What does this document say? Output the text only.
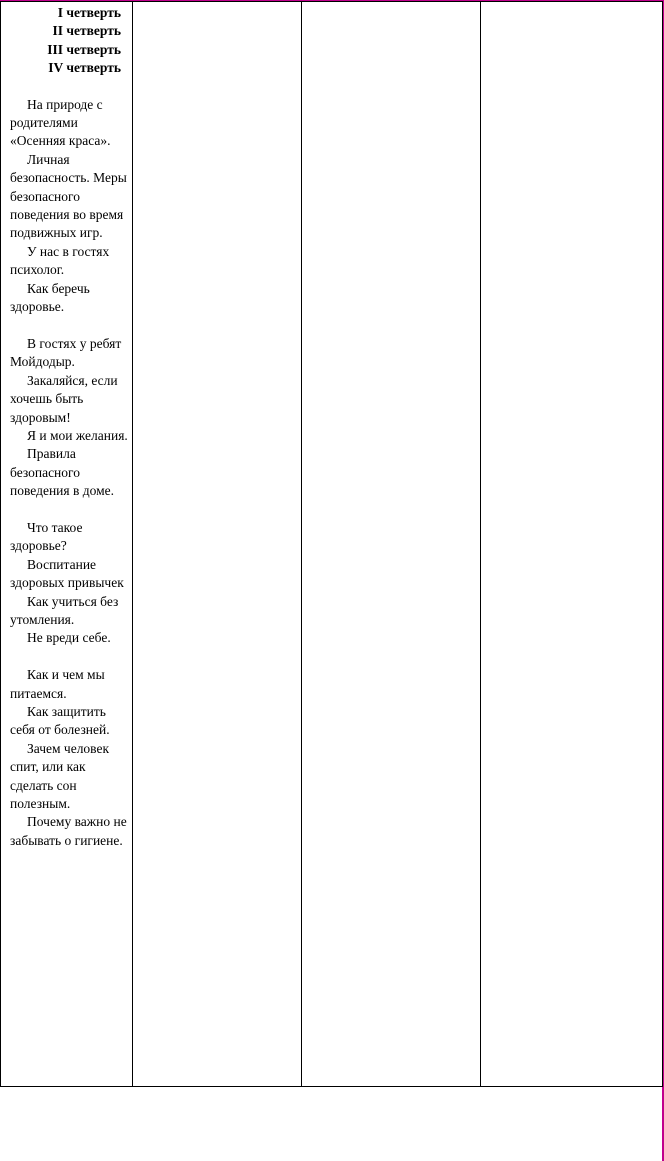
I четверть
II четверть
III четверть
IV четверть
На природе с родителями «Осенняя краса».
Личная безопасность. Меры безопасного поведения во время подвижных игр.
У нас в гостях психолог.
Как беречь здоровье.
В гостях у ребят Мойдодыр.
Закаляйся, если хочешь быть здоровым!
Я и мои желания.
Правила безопасного поведения в доме.
Что такое здоровье?
Воспитание здоровых привычек
Как учиться без утомления.
Не вреди себе.
Как и чем мы питаемся.
Как защитить себя от болезней.
Зачем человек спит, или как сделать сон полезным.
Почему важно не забывать о гигиене.
